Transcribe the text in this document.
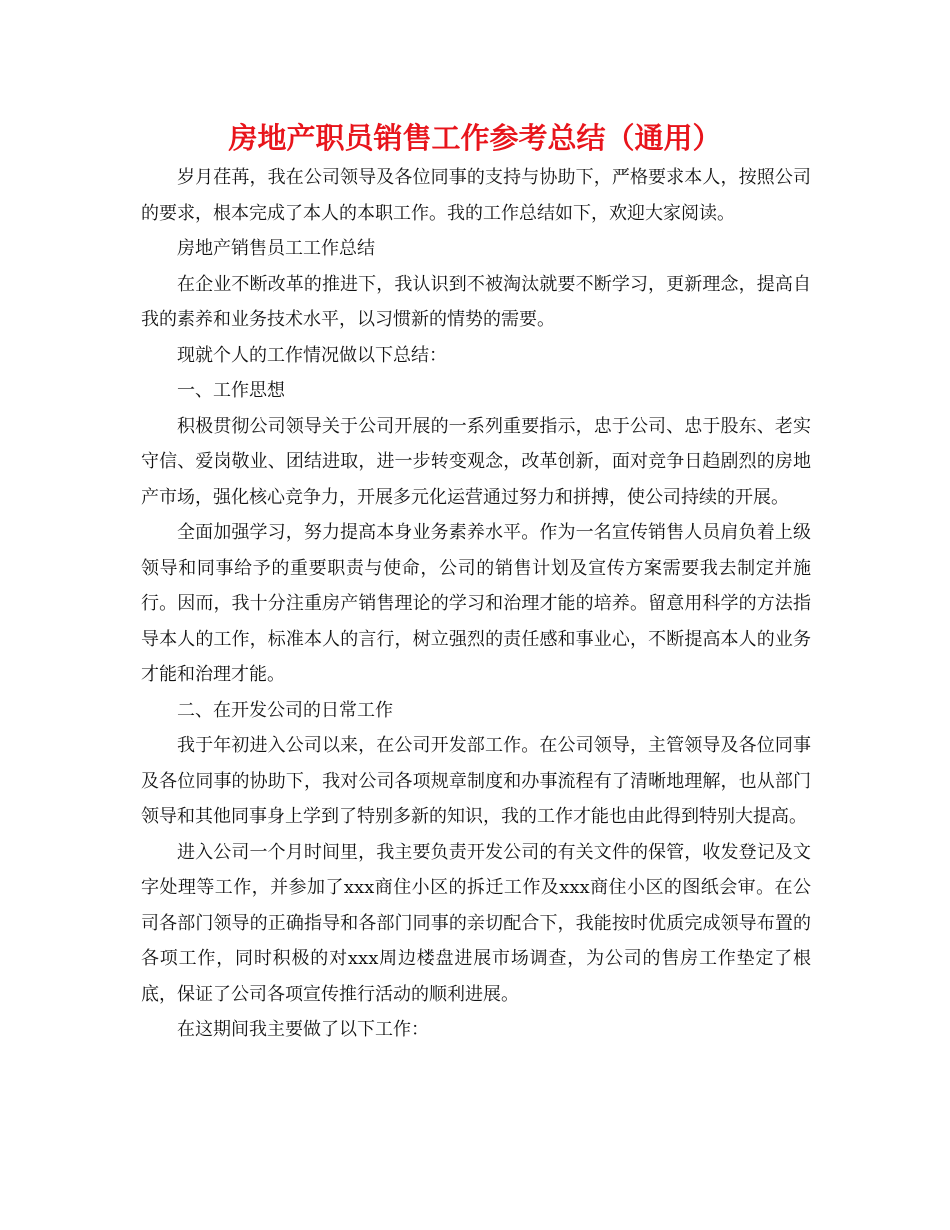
房地产职员销售工作参考总结（通用）

岁月荏苒，我在公司领导及各位同事的支持与协助下，严格要求本人，按照公司的要求，根本完成了本人的本职工作。我的工作总结如下，欢迎大家阅读。

房地产销售员工工作总结

在企业不断改革的推进下，我认识到不被淘汰就要不断学习，更新理念，提高自我的素养和业务技术水平，以习惯新的情势的需要。

现就个人的工作情况做以下总结：

一、工作思想

积极贯彻公司领导关于公司开展的一系列重要指示，忠于公司、忠于股东、老实守信、爱岗敬业、团结进取，进一步转变观念，改革创新，面对竞争日趋剧烈的房地产市场，强化核心竞争力，开展多元化运营通过努力和拼搏，使公司持续的开展。

全面加强学习，努力提高本身业务素养水平。作为一名宣传销售人员肩负着上级领导和同事给予的重要职责与使命，公司的销售计划及宣传方案需要我去制定并施行。因而，我十分注重房产销售理论的学习和治理才能的培养。留意用科学的方法指导本人的工作，标准本人的言行，树立强烈的责任感和事业心，不断提高本人的业务才能和治理才能。

二、在开发公司的日常工作

我于年初进入公司以来，在公司开发部工作。在公司领导，主管领导及各位同事及各位同事的协助下，我对公司各项规章制度和办事流程有了清晰地理解，也从部门领导和其他同事身上学到了特别多新的知识，我的工作才能也由此得到特别大提高。

进入公司一个月时间里，我主要负责开发公司的有关文件的保管，收发登记及文字处理等工作，并参加了xxx商住小区的拆迁工作及xxx商住小区的图纸会审。在公司各部门领导的正确指导和各部门同事的亲切配合下，我能按时优质完成领导布置的各项工作，同时积极的对xxx周边楼盘进展市场调查，为公司的售房工作垫定了根底，保证了公司各项宣传推行活动的顺利进展。

在这期间我主要做了以下工作：
